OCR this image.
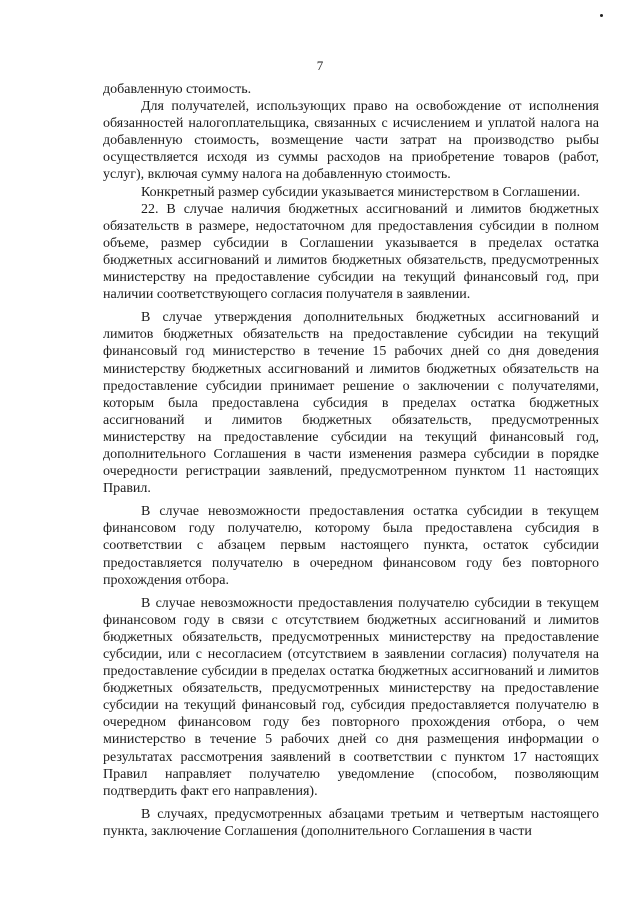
7

добавленную стоимость.

Для получателей, использующих право на освобождение от исполнения обязанностей налогоплательщика, связанных с исчислением и уплатой налога на добавленную стоимость, возмещение части затрат на производство рыбы осуществляется исходя из суммы расходов на приобретение товаров (работ, услуг), включая сумму налога на добавленную стоимость.

Конкретный размер субсидии указывается министерством в Соглашении.

22. В случае наличия бюджетных ассигнований и лимитов бюджетных обязательств в размере, недостаточном для предоставления субсидии в полном объеме, размер субсидии в Соглашении указывается в пределах остатка бюджетных ассигнований и лимитов бюджетных обязательств, предусмотренных министерству на предоставление субсидии на текущий финансовый год, при наличии соответствующего согласия получателя в заявлении.

В случае утверждения дополнительных бюджетных ассигнований и лимитов бюджетных обязательств на предоставление субсидии на текущий финансовый год министерство в течение 15 рабочих дней со дня доведения министерству бюджетных ассигнований и лимитов бюджетных обязательств на предоставление субсидии принимает решение о заключении с получателями, которым была предоставлена субсидия в пределах остатка бюджетных ассигнований и лимитов бюджетных обязательств, предусмотренных министерству на предоставление субсидии на текущий финансовый год, дополнительного Соглашения в части изменения размера субсидии в порядке очередности регистрации заявлений, предусмотренном пунктом 11 настоящих Правил.

В случае невозможности предоставления остатка субсидии в текущем финансовом году получателю, которому была предоставлена субсидия в соответствии с абзацем первым настоящего пункта, остаток субсидии предоставляется получателю в очередном финансовом году без повторного прохождения отбора.

В случае невозможности предоставления получателю субсидии в текущем финансовом году в связи с отсутствием бюджетных ассигнований и лимитов бюджетных обязательств, предусмотренных министерству на предоставление субсидии, или с несогласием (отсутствием в заявлении согласия) получателя на предоставление субсидии в пределах остатка бюджетных ассигнований и лимитов бюджетных обязательств, предусмотренных министерству на предоставление субсидии на текущий финансовый год, субсидия предоставляется получателю в очередном финансовом году без повторного прохождения отбора, о чем министерство в течение 5 рабочих дней со дня размещения информации о результатах рассмотрения заявлений в соответствии с пунктом 17 настоящих Правил направляет получателю уведомление (способом, позволяющим подтвердить факт его направления).

В случаях, предусмотренных абзацами третьим и четвертым настоящего пункта, заключение Соглашения (дополнительного Соглашения в части
